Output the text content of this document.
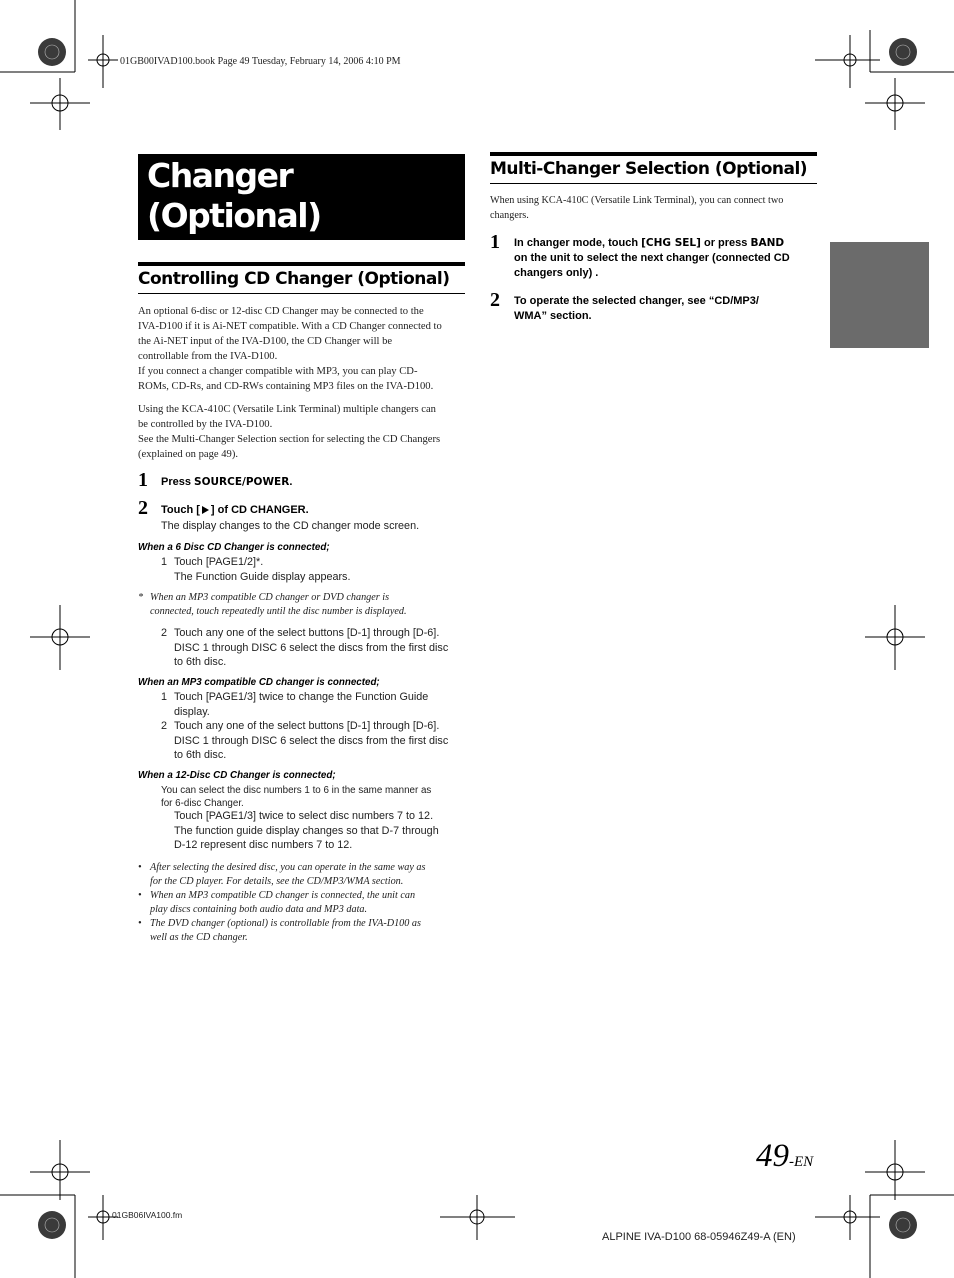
01GB00IVAD100.book Page 49 Tuesday, February 14, 2006 4:10 PM
Changer
(Optional)
Controlling CD Changer (Optional)
An optional 6-disc or 12-disc CD Changer may be connected to the
IVA-D100 if it is Ai-NET compatible. With a CD Changer connected to
the Ai-NET input of the IVA-D100, the CD Changer will be
controllable from the IVA-D100.
If you connect a changer compatible with MP3, you can play CD-
ROMs, CD-Rs, and CD-RWs containing MP3 files on the IVA-D100.
Using the KCA-410C (Versatile Link Terminal) multiple changers can
be controlled by the IVA-D100.
See the Multi-Changer Selection section for selecting the CD Changers
(explained on page 49).
1 Press SOURCE/POWER.
2 Touch [ ] of CD CHANGER.
The display changes to the CD changer mode screen.
When a 6 Disc CD Changer is connected;
1 Touch [PAGE1/2]*.
The Function Guide display appears.
* When an MP3 compatible CD changer or DVD changer is
connected, touch repeatedly until the disc number is displayed.
2 Touch any one of the select buttons [D-1] through [D-6].
DISC 1 through DISC 6 select the discs from the first disc
to 6th disc.
When an MP3 compatible CD changer is connected;
1 Touch [PAGE1/3] twice to change the Function Guide
display.
2 Touch any one of the select buttons [D-1] through [D-6].
DISC 1 through DISC 6 select the discs from the first disc
to 6th disc.
When a 12-Disc CD Changer is connected;
You can select the disc numbers 1 to 6 in the same manner as
for 6-disc Changer.
Touch [PAGE1/3] twice to select disc numbers 7 to 12.
The function guide display changes so that D-7 through
D-12 represent disc numbers 7 to 12.
• After selecting the desired disc, you can operate in the same way as
for the CD player. For details, see the CD/MP3/WMA section.
• When an MP3 compatible CD changer is connected, the unit can
play discs containing both audio data and MP3 data.
• The DVD changer (optional) is controllable from the IVA-D100 as
well as the CD changer.
Multi-Changer Selection (Optional)
When using KCA-410C (Versatile Link Terminal), you can connect two
changers.
1 In changer mode, touch [CHG SEL] or press BAND
on the unit to select the next changer (connected CD
changers only) .
2 To operate the selected changer, see “CD/MP3/
WMA” section.
49-EN
01GB06IVA100.fm
ALPINE IVA-D100 68-05946Z49-A (EN)
